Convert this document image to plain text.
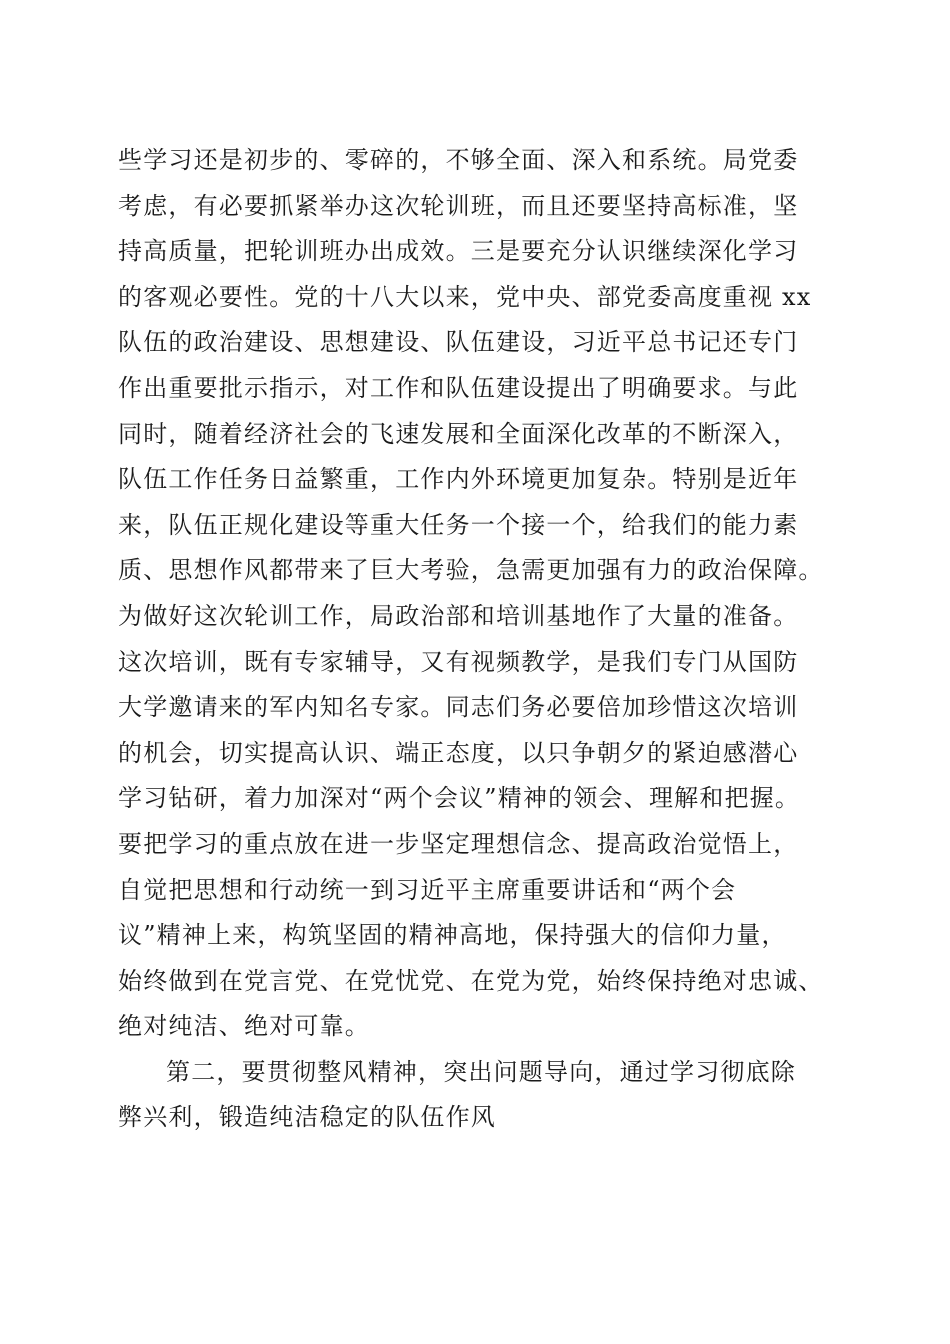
些学习还是初步的、零碎的，不够全面、深入和系统。局党委
考虑，有必要抓紧举办这次轮训班，而且还要坚持高标准，坚
持高质量，把轮训班办出成效。三是要充分认识继续深化学习
的客观必要性。党的十八大以来，党中央、部党委高度重视 xx
队伍的政治建设、思想建设、队伍建设，习近平总书记还专门
作出重要批示指示，对工作和队伍建设提出了明确要求。与此
同时，随着经济社会的飞速发展和全面深化改革的不断深入，
队伍工作任务日益繁重，工作内外环境更加复杂。特别是近年
来，队伍正规化建设等重大任务一个接一个，给我们的能力素
质、思想作风都带来了巨大考验，急需更加强有力的政治保障。
为做好这次轮训工作，局政治部和培训基地作了大量的准备。
这次培训，既有专家辅导，又有视频教学，是我们专门从国防
大学邀请来的军内知名专家。同志们务必要倍加珍惜这次培训
的机会，切实提高认识、端正态度，以只争朝夕的紧迫感潜心
学习钻研，着力加深对“两个会议”精神的领会、理解和把握。
要把学习的重点放在进一步坚定理想信念、提高政治觉悟上，
自觉把思想和行动统一到习近平主席重要讲话和“两个会
议”精神上来，构筑坚固的精神高地，保持强大的信仰力量，
始终做到在党言党、在党忧党、在党为党，始终保持绝对忠诚、
绝对纯洁、绝对可靠。
第二，要贯彻整风精神，突出问题导向，通过学习彻底除
弊兴利，锻造纯洁稳定的队伍作风
